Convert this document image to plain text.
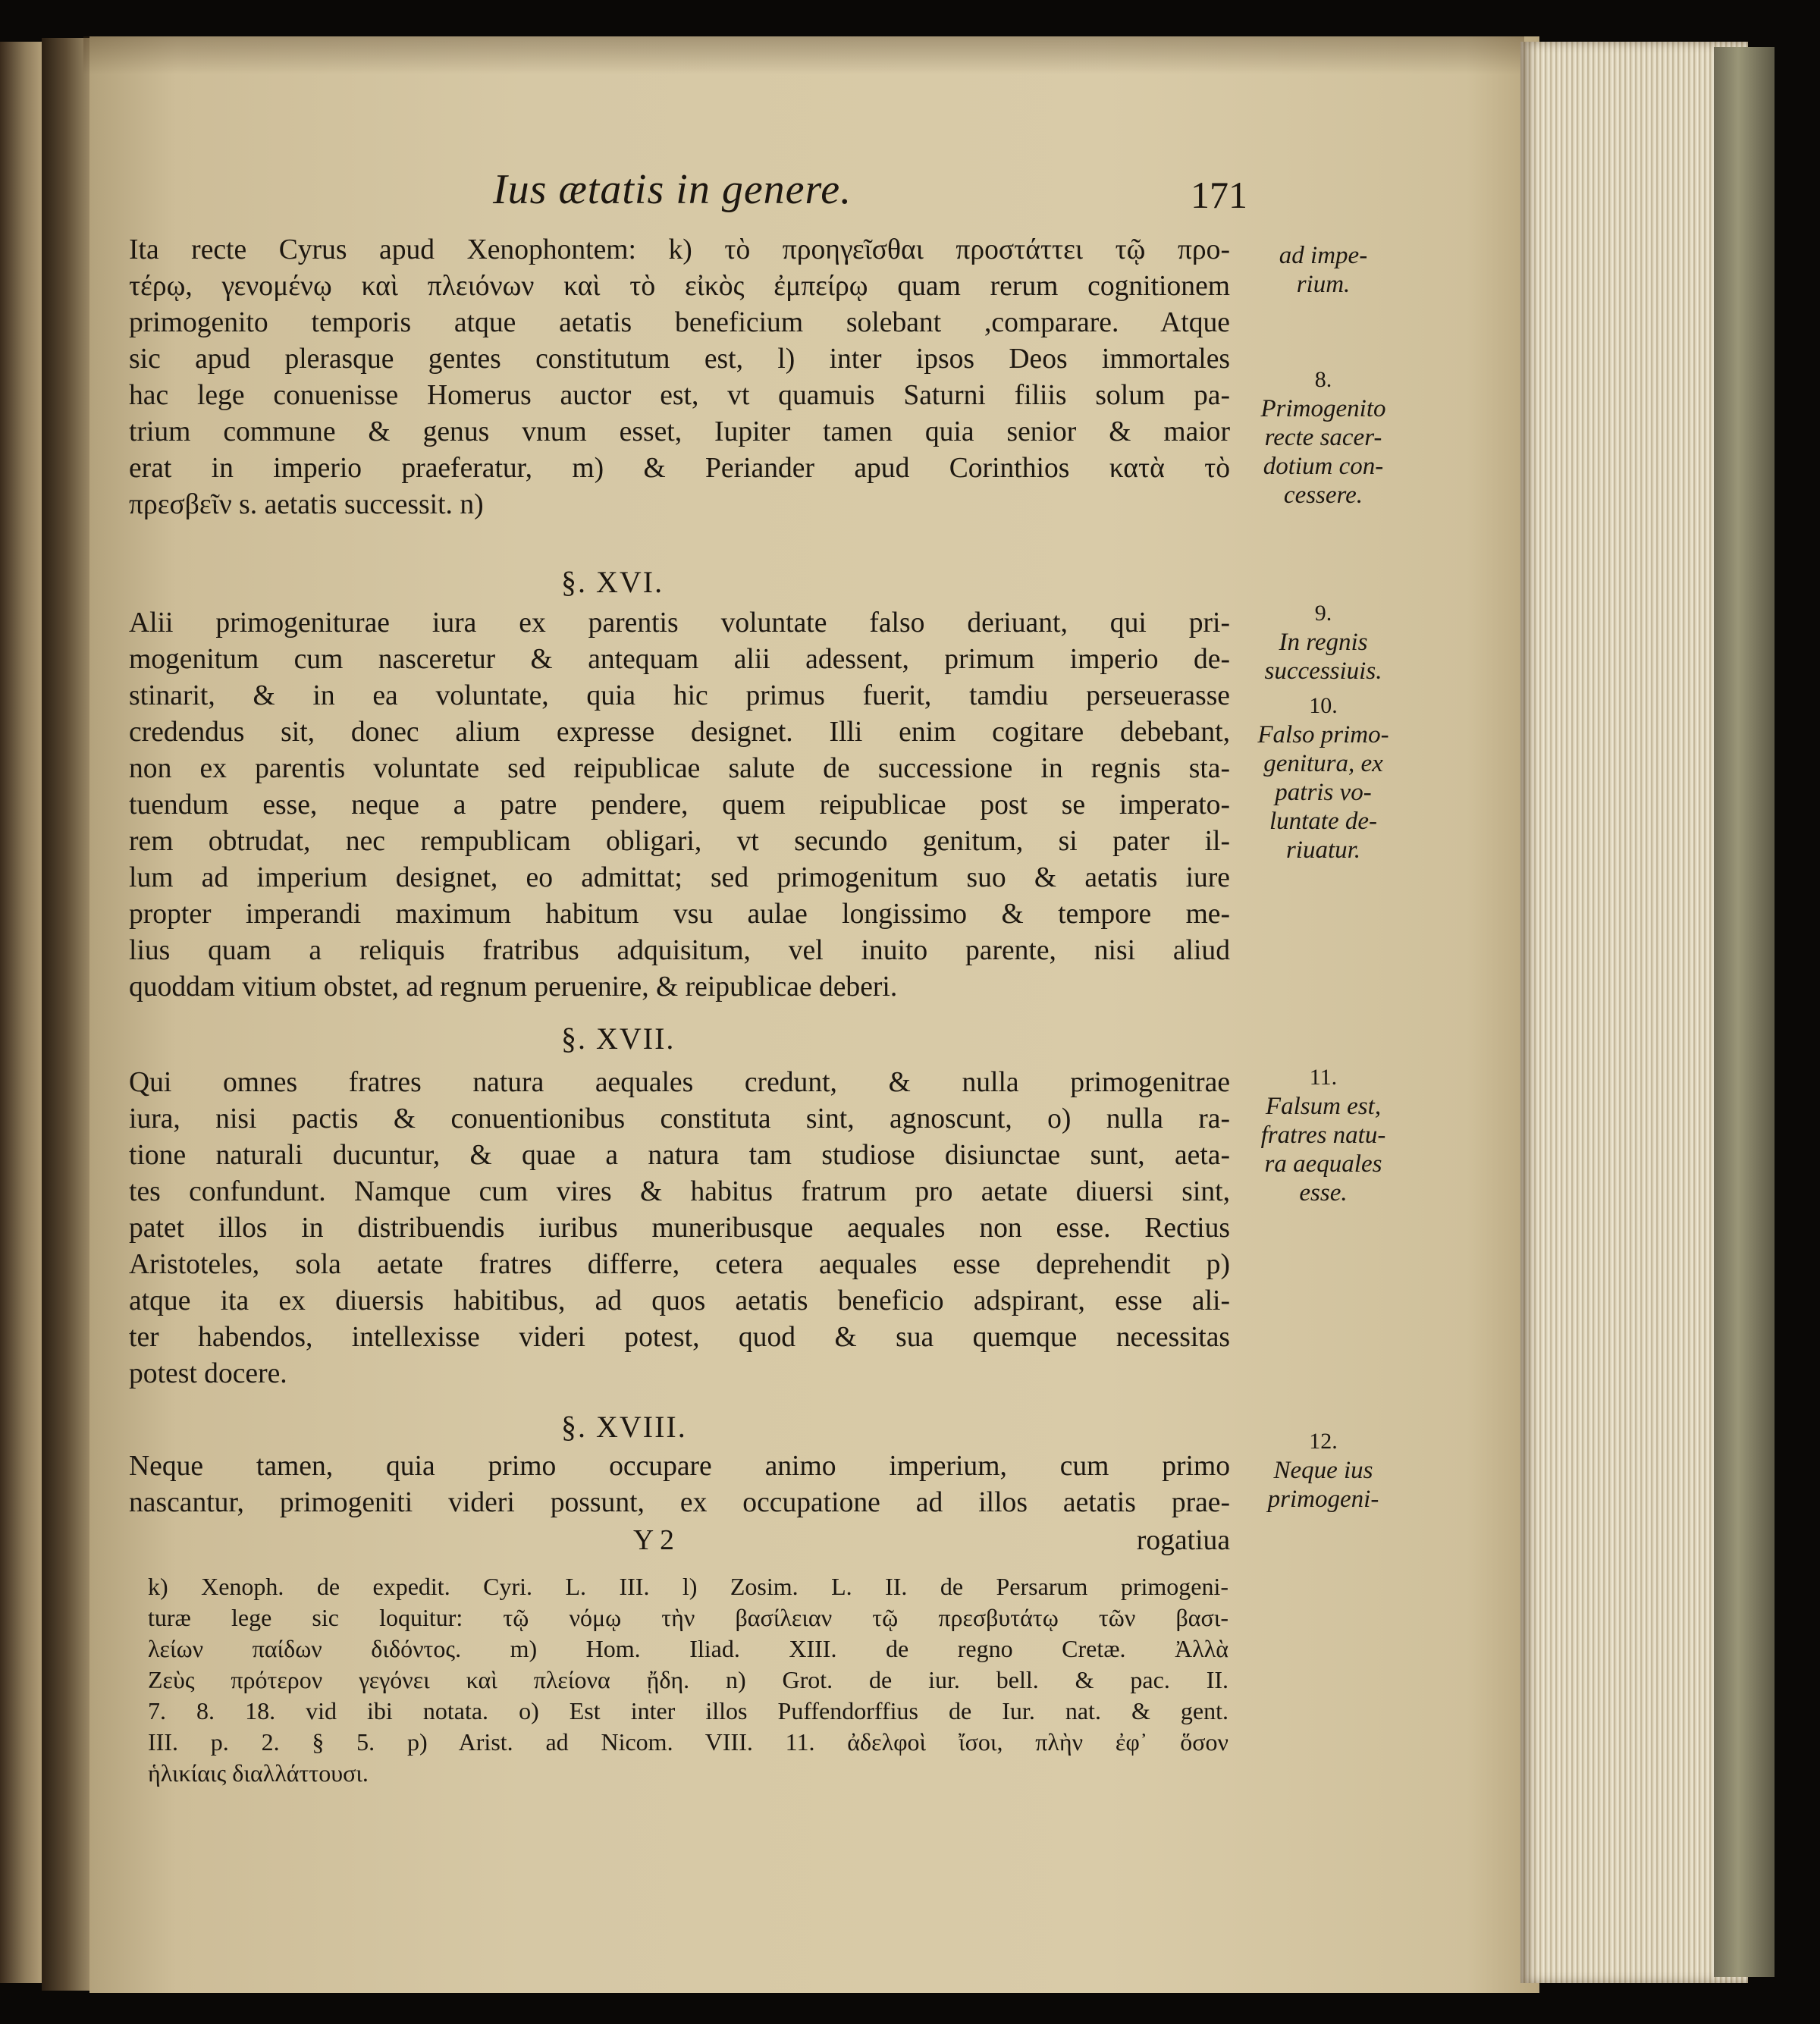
Ius ætatis in genere.	171
Ita recte Cyrus apud Xenophontem: k) τὸ προηγεῖσθαι προστάττει τῷ προ-
τέρῳ, γενομένῳ καὶ πλειόνων καὶ τὸ εἰκὸς ἐμπείρῳ quam rerum cognitionem
primogenito temporis atque aetatis beneficium solebant ,comparare. Atque
sic apud plerasque gentes constitutum est, l) inter ipsos Deos immortales
hac lege conuenisse Homerus auctor est, vt quamuis Saturni filiis solum pa-
trium commune & genus vnum esset, Iupiter tamen quia senior & maior
erat in imperio praeferatur, m) & Periander apud Corinthios κατὰ τὸ
πρεσβεῖν s. aetatis successit. n)
§. XVI.
Alii primogeniturae iura ex parentis voluntate falso deriuant, qui pri-
mogenitum cum nasceretur & antequam alii adessent, primum imperio de-
stinarit, & in ea voluntate, quia hic primus fuerit, tamdiu perseuerasse
credendus sit, donec alium expresse designet. Illi enim cogitare debebant,
non ex parentis voluntate sed reipublicae salute de successione in regnis sta-
tuendum esse, neque a patre pendere, quem reipublicae post se imperato-
rem obtrudat, nec rempublicam obligari, vt secundo genitum, si pater il-
lum ad imperium designet, eo admittat; sed primogenitum suo & aetatis iure
propter imperandi maximum habitum vsu aulae longissimo & tempore me-
lius quam a reliquis fratribus adquisitum, vel inuito parente, nisi aliud
quoddam vitium obstet, ad regnum peruenire, & reipublicae deberi.
§. XVII.
Qui omnes fratres natura aequales credunt, & nulla primogenitrae
iura, nisi pactis & conuentionibus constituta sint, agnoscunt, o) nulla ra-
tione naturali ducuntur, & quae a natura tam studiose disiunctae sunt, aeta-
tes confundunt. Namque cum vires & habitus fratrum pro aetate diuersi sint,
patet illos in distribuendis iuribus muneribusque aequales non esse. Rectius
Aristoteles, sola aetate fratres differre, cetera aequales esse deprehendit p)
atque ita ex diuersis habitibus, ad quos aetatis beneficio adspirant, esse ali-
ter habendos, intellexisse videri potest, quod & sua quemque necessitas
potest docere.
§. XVIII.
Neque tamen, quia primo occupare animo imperium, cum primo
nascantur, primogeniti videri possunt, ex occupatione ad illos aetatis prae-
Y 2	rogatiua
k) Xenoph. de expedit. Cyri. L. III. l) Zosim. L. II. de Persarum primogeni-
turæ lege sic loquitur: τῷ νόμῳ τὴν βασίλειαν τῷ πρεσβυτάτῳ τῶν βασι-
λείων παίδων διδόντος. m) Hom. Iliad. XIII. de regno Cretæ. Ἀλλὰ
Ζεὺς πρότερον γεγόνει καὶ πλείονα ᾔδη. n) Grot. de iur. bell. & pac. II.
7. 8. 18. vid ibi notata. o) Est inter illos Puffendorffius de Iur. nat. & gent.
III. p. 2. § 5. p) Arist. ad Nicom. VIII. 11. ἀδελφοὶ ἴσοι, πλὴν ἐφ᾽ ὅσον
ἡλικίαις διαλλάττουσι.
ad impe-
rium.
8.
Primogenito
recte sacer-
dotium con-
cessere.
9.
In regnis
successiuis.
10.
Falso primo-
genitura, ex
patris vo-
luntate de-
riuatur.
11.
Falsum est,
fratres natu-
ra aequales
esse.
12.
Neque ius
primogeni-
